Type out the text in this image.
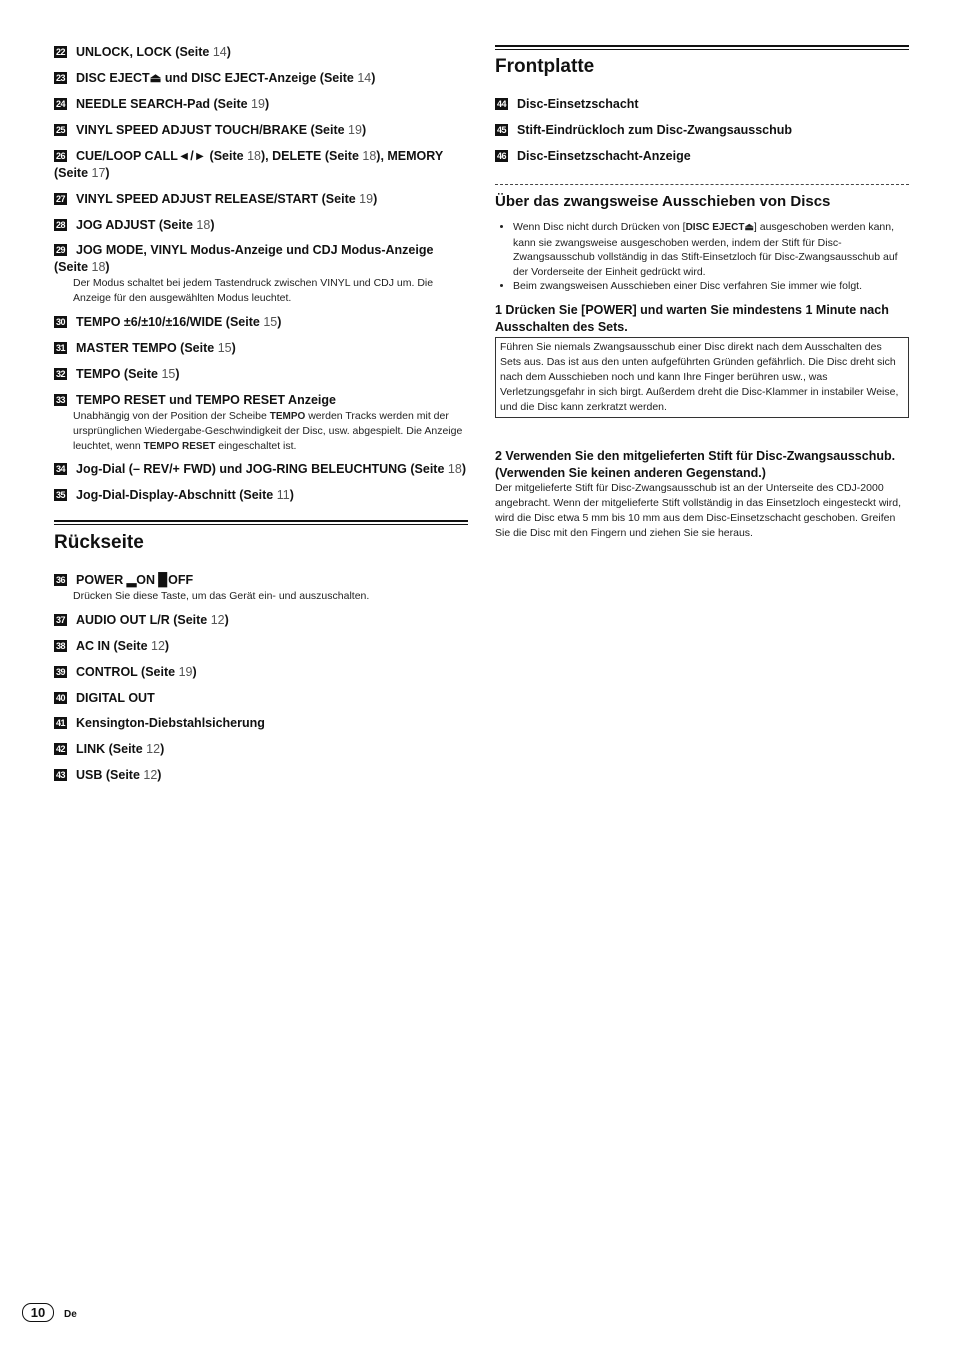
22 UNLOCK, LOCK (Seite 14)
23 DISC EJECT⏏ und DISC EJECT-Anzeige (Seite 14)
24 NEEDLE SEARCH-Pad (Seite 19)
25 VINYL SPEED ADJUST TOUCH/BRAKE (Seite 19)
26 CUE/LOOP CALL◄/► (Seite 18), DELETE (Seite 18), MEMORY (Seite 17)
27 VINYL SPEED ADJUST RELEASE/START (Seite 19)
28 JOG ADJUST (Seite 18)
29 JOG MODE, VINYL Modus-Anzeige und CDJ Modus-Anzeige (Seite 18)
Der Modus schaltet bei jedem Tastendruck zwischen VINYL und CDJ um. Die Anzeige für den ausgewählten Modus leuchtet.
30 TEMPO ±6/±10/±16/WIDE (Seite 15)
31 MASTER TEMPO (Seite 15)
32 TEMPO (Seite 15)
33 TEMPO RESET und TEMPO RESET Anzeige
Unabhängig von der Position der Scheibe TEMPO werden Tracks werden mit der ursprünglichen Wiedergabe-Geschwindigkeit der Disc, usw. abgespielt. Die Anzeige leuchtet, wenn TEMPO RESET eingeschaltet ist.
34 Jog-Dial (– REV/+ FWD) und JOG-RING BELEUCHTUNG (Seite 18)
35 Jog-Dial-Display-Abschnitt (Seite 11)
Rückseite
36 POWER ▂ON ▉OFF
Drücken Sie diese Taste, um das Gerät ein- und auszuschalten.
37 AUDIO OUT L/R (Seite 12)
38 AC IN (Seite 12)
39 CONTROL (Seite 19)
40 DIGITAL OUT
41 Kensington-Diebstahlsicherung
42 LINK (Seite 12)
43 USB (Seite 12)
Frontplatte
44 Disc-Einsetzschacht
45 Stift-Eindrückloch zum Disc-Zwangsausschub
46 Disc-Einsetzschacht-Anzeige
Über das zwangsweise Ausschieben von Discs
• Wenn Disc nicht durch Drücken von [DISC EJECT⏏] ausgeschoben werden kann, kann sie zwangsweise ausgeschoben werden, indem der Stift für Disc-Zwangsausschub vollständig in das Stift-Einsetzloch für Disc-Zwangsausschub auf der Vorderseite der Einheit gedrückt wird.
• Beim zwangsweisen Ausschieben einer Disc verfahren Sie immer wie folgt.
1 Drücken Sie [POWER] und warten Sie mindestens 1 Minute nach Ausschalten des Sets.
Führen Sie niemals Zwangsausschub einer Disc direkt nach dem Ausschalten des Sets aus. Das ist aus den unten aufgeführten Gründen gefährlich. Die Disc dreht sich nach dem Ausschieben noch und kann Ihre Finger berühren usw., was Verletzungsgefahr in sich birgt. Außerdem dreht die Disc-Klammer in instabiler Weise, und die Disc kann zerkratzt werden.
2 Verwenden Sie den mitgelieferten Stift für Disc-Zwangsausschub. (Verwenden Sie keinen anderen Gegenstand.)
Der mitgelieferte Stift für Disc-Zwangsausschub ist an der Unterseite des CDJ-2000 angebracht. Wenn der mitgelieferte Stift vollständig in das Einsetzloch eingesteckt wird, wird die Disc etwa 5 mm bis 10 mm aus dem Disc-Einsetzschacht geschoben. Greifen Sie die Disc mit den Fingern und ziehen Sie sie heraus.
10 De
